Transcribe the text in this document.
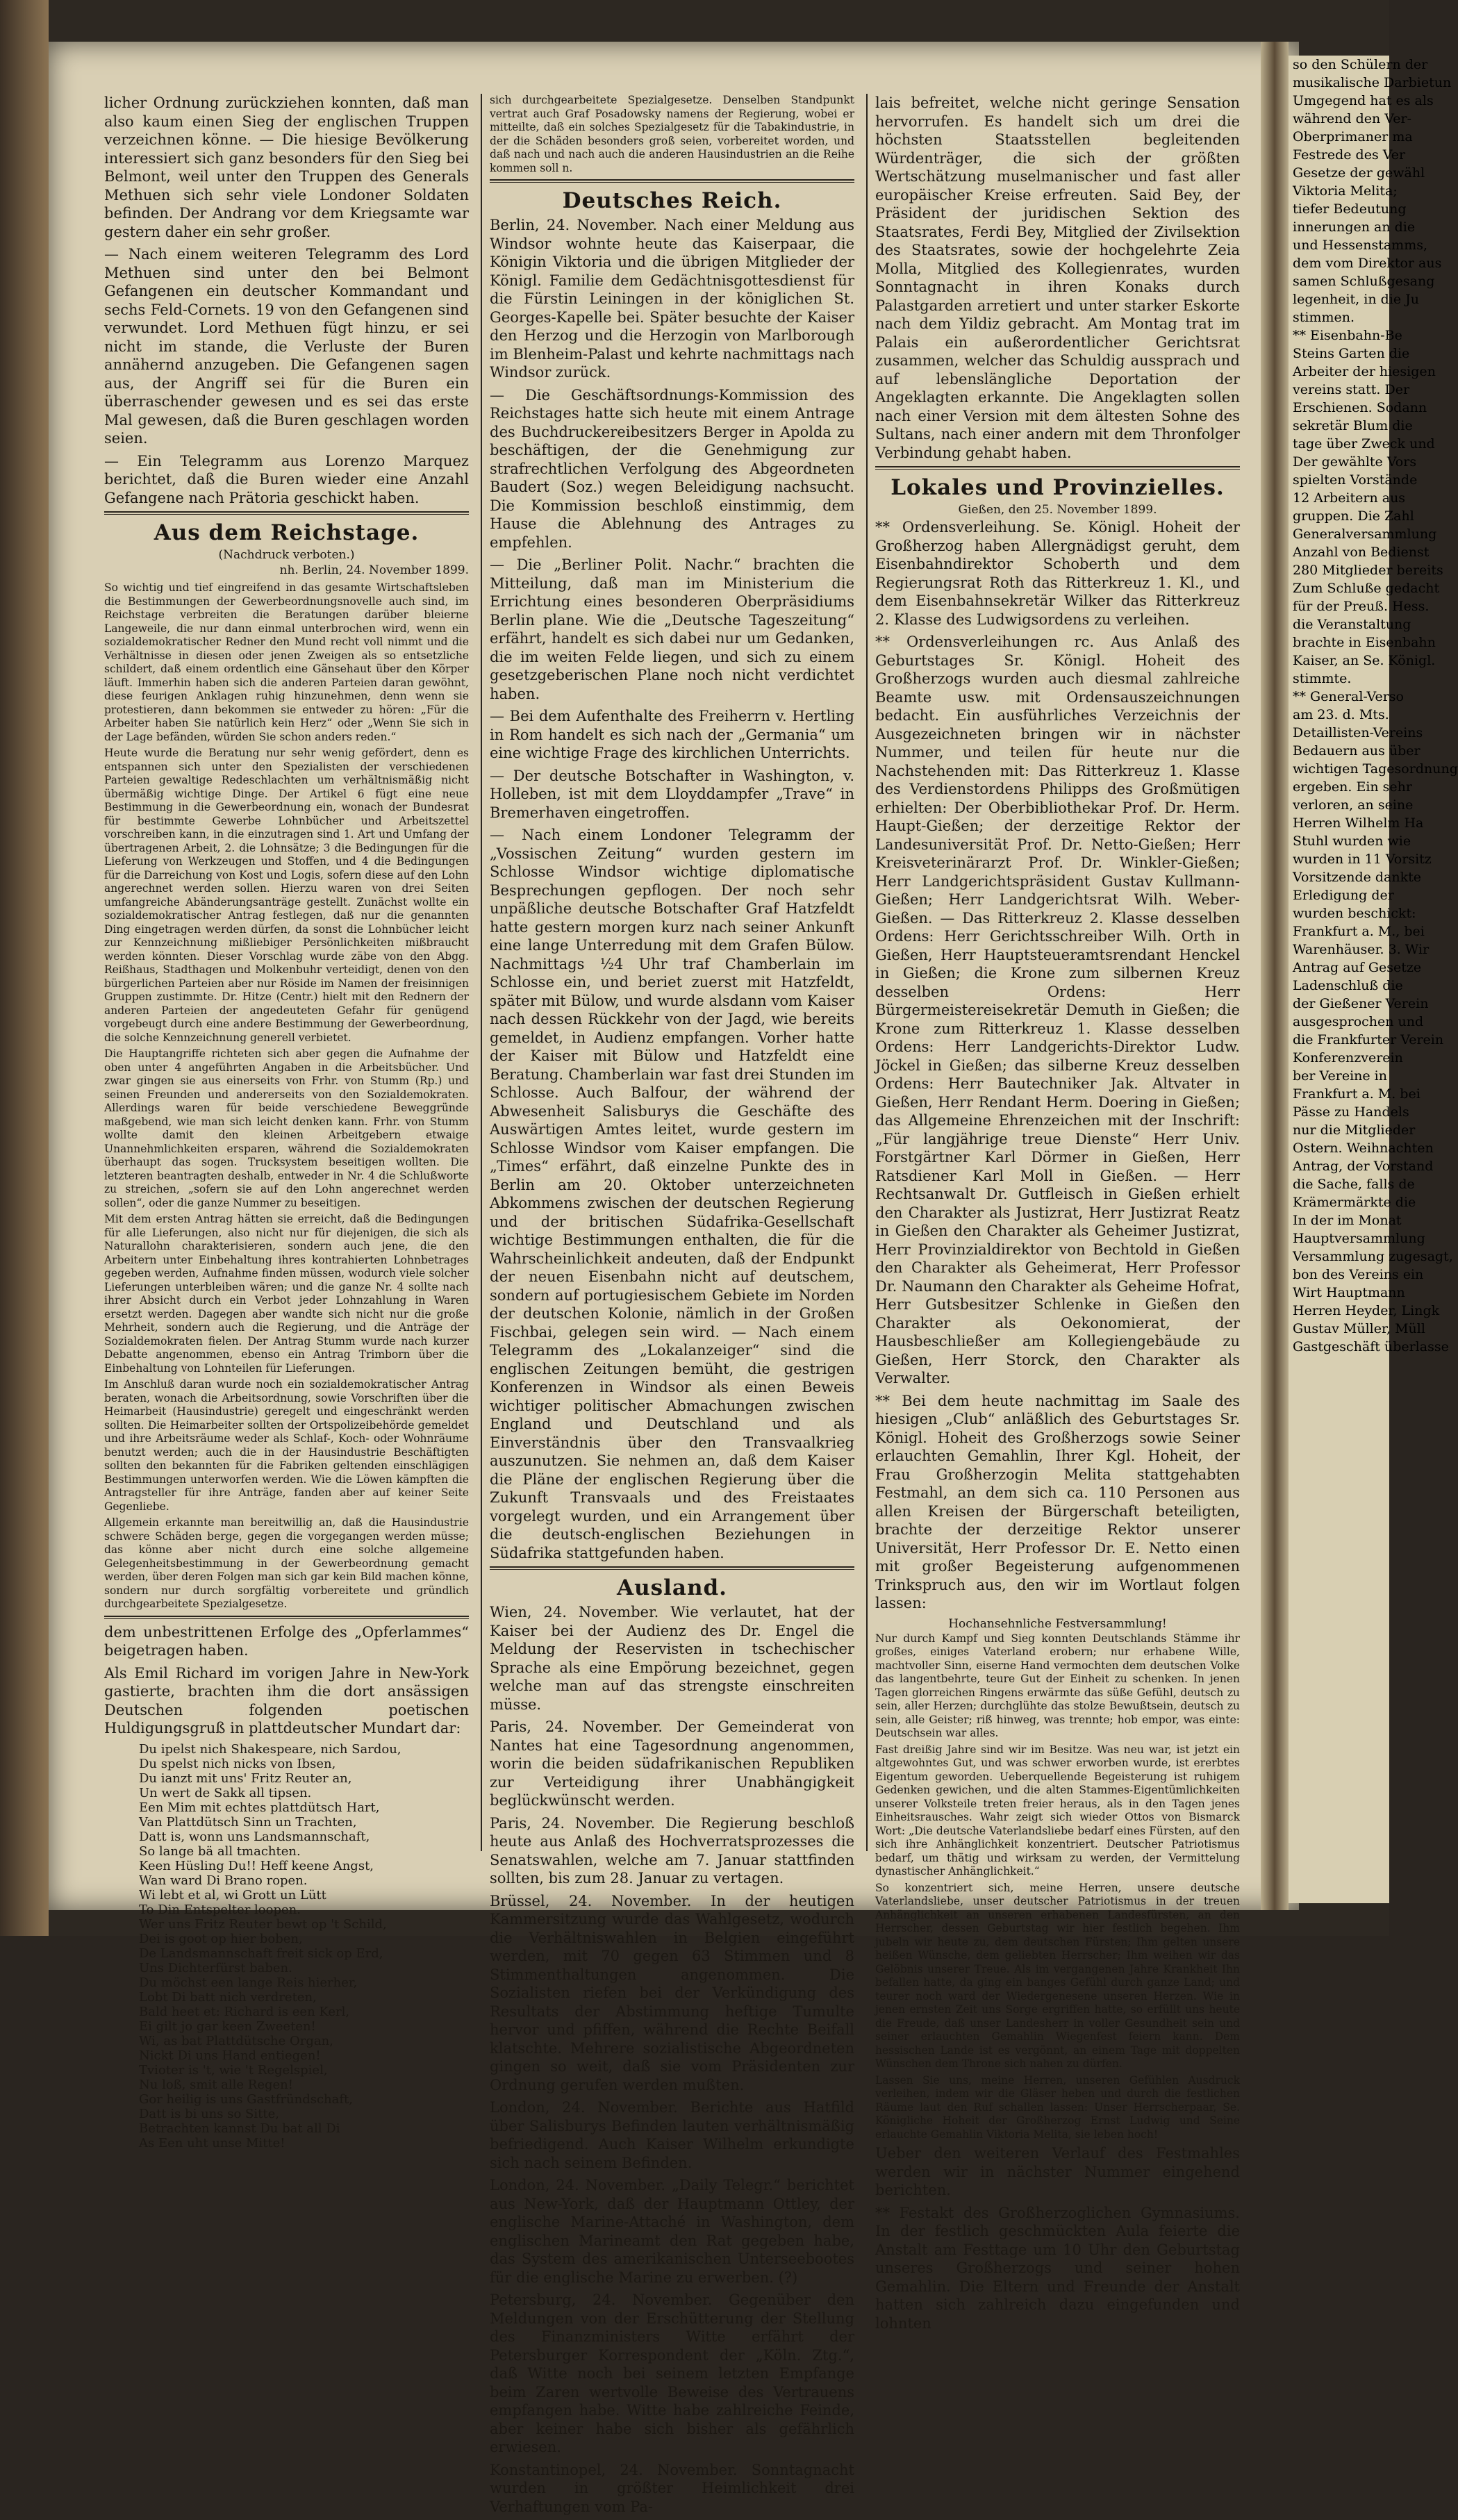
licher Ordnung zurückziehen konnten, daß man also kaum einen Sieg der englischen Truppen verzeichnen könne. — Die hiesige Bevölkerung interessiert sich ganz besonders für den Sieg bei Belmont, weil unter den Truppen des Generals Methuen sich sehr viele Londoner Soldaten befinden. Der Andrang vor dem Kriegsamte war gestern daher ein sehr großer.

— Nach einem weiteren Telegramm des Lord Methuen sind unter den bei Belmont Gefangenen ein deutscher Kommandant und sechs Feld-Cornets. 19 von den Gefangenen sind verwundet. Lord Methuen fügt hinzu, er sei nicht im stande, die Verluste der Buren annähernd anzugeben. Die Gefangenen sagen aus, der Angriff sei für die Buren ein überraschender gewesen und es sei das erste Mal gewesen, daß die Buren geschlagen worden seien.

— Ein Telegramm aus Lorenzo Marquez berichtet, daß die Buren wieder eine Anzahl Gefangene nach Prätoria geschickt haben.

Aus dem Reichstage.
(Nachdruck verboten.)
nh. Berlin, 24. November 1899.

So wichtig und tief eingreifend in das gesamte Wirtschaftsleben die Bestimmungen der Gewerbeordnungsnovelle auch sind, im Reichstage verbreiten die Beratungen darüber bleierne Langeweile, die nur dann einmal unterbrochen wird, wenn ein sozialdemokratischer Redner den Mund recht voll nimmt und die Verhältnisse in diesen oder jenen Zweigen als so entsetzliche schildert, daß einem ordentlich eine Gänsehaut über den Körper läuft. Immerhin haben sich die anderen Parteien daran gewöhnt, diese feurigen Anklagen ruhig hinzunehmen, denn wenn sie protestieren, dann bekommen sie entweder zu hören: „Für die Arbeiter haben Sie natürlich kein Herz“ oder „Wenn Sie sich in der Lage befänden, würden Sie schon anders reden.“

Heute wurde die Beratung nur sehr wenig gefördert, denn es entspannen sich unter den Spezialisten der verschiedenen Parteien gewaltige Redeschlachten um verhältnismäßig nicht übermäßig wichtige Dinge. Der Artikel 6 fügt eine neue Bestimmung in die Gewerbeordnung ein, wonach der Bundesrat für bestimmte Gewerbe Lohnbücher und Arbeitszettel vorschreiben kann, in die einzutragen sind 1. Art und Umfang der übertragenen Arbeit, 2. die Lohnsätze; 3 die Bedingungen für die Lieferung von Werkzeugen und Stoffen, und 4 die Bedingungen für die Darreichung von Kost und Logis, sofern diese auf den Lohn angerechnet werden sollen. Hierzu waren von drei Seiten umfangreiche Abänderungsanträge gestellt. Zunächst wollte ein sozialdemokratischer Antrag festlegen, daß nur die genannten Ding eingetragen werden dürfen, da sonst die Lohnbücher leicht zur Kennzeichnung mißliebiger Persönlichkeiten mißbraucht werden könnten. Dieser Vorschlag wurde zäbe von den Abgg. Reißhaus, Stadthagen und Molkenbuhr verteidigt, denen von den bürgerlichen Parteien aber nur Röside im Namen der freisinnigen Gruppen zustimmte. Dr. Hitze (Centr.) hielt mit den Rednern der anderen Parteien der angedeuteten Gefahr für genügend vorgebeugt durch eine andere Bestimmung der Gewerbeordnung, die solche Kennzeichnung generell verbietet.

Die Hauptangriffe richteten sich aber gegen die Aufnahme der oben unter 4 angeführten Angaben in die Arbeitsbücher. Und zwar gingen sie aus einerseits von Frhr. von Stumm (Rp.) und seinen Freunden und andererseits von den Sozialdemokraten. Allerdings waren für beide verschiedene Beweggründe maßgebend, wie man sich leicht denken kann. Frhr. von Stumm wollte damit den kleinen Arbeitgebern etwaige Unannehmlichkeiten ersparen, während die Sozialdemokraten überhaupt das sogen. Trucksystem beseitigen wollten. Die letzteren beantragten deshalb, entweder in Nr. 4 die Schlußworte zu streichen, „sofern sie auf den Lohn angerechnet werden sollen“, oder die ganze Nummer zu beseitigen.

Mit dem ersten Antrag hätten sie erreicht, daß die Bedingungen für alle Lieferungen, also nicht nur für diejenigen, die sich als Naturallohn charakterisieren, sondern auch jene, die den Arbeitern unter Einbehaltung ihres kontrahierten Lohnbetrages gegeben werden, Aufnahme finden müssen, wodurch viele solcher Lieferungen unterbleiben wären; und die ganze Nr. 4 sollte nach ihrer Absicht durch ein Verbot jeder Lohnzahlung in Waren ersetzt werden. Dagegen aber wandte sich nicht nur die große Mehrheit, sondern auch die Regierung, und die Anträge der Sozialdemokraten fielen. Der Antrag Stumm wurde nach kurzer Debatte angenommen, ebenso ein Antrag Trimborn über die Einbehaltung von Lohnteilen für Lieferungen.

Im Anschluß daran wurde noch ein sozialdemokratischer Antrag beraten, wonach die Arbeitsordnung, sowie Vorschriften über die Heimarbeit (Hausindustrie) geregelt und eingeschränkt werden sollten. Die Heimarbeiter sollten der Ortspolizeibehörde gemeldet und ihre Arbeitsräume weder als Schlaf-, Koch- oder Wohnräume benutzt werden; auch die in der Hausindustrie Beschäftigten sollten den bekannten für die Fabriken geltenden einschlägigen Bestimmungen unterworfen werden. Wie die Löwen kämpften die Antragsteller für ihre Anträge, fanden aber auf keiner Seite Gegenliebe.

Allgemein erkannte man bereitwillig an, daß die Hausindustrie schwere Schäden berge, gegen die vorgegangen werden müsse; das könne aber nicht durch eine solche allgemeine Gelegenheitsbestimmung in der Gewerbeordnung gemacht werden, über deren Folgen man sich gar kein Bild machen könne, sondern nur durch sorgfältig vorbereitete und gründlich durchgearbeitete Spezialgesetze.

dem unbestrittenen Erfolge des „Opferlammes“ beigetragen haben.

Als Emil Richard im vorigen Jahre in New-York gastierte, brachten ihm die dort ansässigen Deutschen folgenden poetischen Huldigungsgruß in plattdeutscher Mundart dar:

Du ipelst nich Shakespeare, nich Sardou,
Du spelst nich nicks von Ibsen,
Du ianzt mit uns' Fritz Reuter an,
Un wert de Sakk all tipsen.
Een Mim mit echtes plattdütsch Hart,
Van Plattdütsch Sinn un Trachten,
Datt is, wonn uns Landsmannschaft,
So lange bä all tmachten.
Keen Hüsling Du!! Heff keene Angst,
Wan ward Di Brano ropen.
Wi lebt et al, wi Grott un Lütt
To Din Entspelter loopen.
Wer uns Fritz Reuter bewt op 't Schild,
Dei is goot op hier boben,
De Landsmannschaft freit sick op Erd,
Uns Dichterfürst baben.
Du möchst een lange Reis hierher,
Lobt Di batt nich verdreten,
Bald heet et: Richard is een Kerl,
Ei gilt jo gar keen Zweeten!
Wi, as bat Plattdütsche Organ,
Nickt Di uns Hand entiegen!
Tvioter is 't, wie 't Regelspiel,
Nu loß, smit alle Regen!
Gor heilig is uns Gastfründschaft,
Datt is bi uns so Sitte,
Betrachten kannst Du bat all Di
As Een uht unse Mitte!

sich durchgearbeitete Spezialgesetze. Denselben Standpunkt vertrat auch Graf Posadowsky namens der Regierung, wobei er mitteilte, daß ein solches Spezialgesetz für die Tabakindustrie, in der die Schäden besonders groß seien, vorbereitet worden, und daß nach und nach auch die anderen Hausindustrien an die Reihe kommen soll n.

Deutsches Reich.

Berlin, 24. November. Nach einer Meldung aus Windsor wohnte heute das Kaiserpaar, die Königin Viktoria und die übrigen Mitglieder der Königl. Familie dem Gedächtnisgottesdienst für die Fürstin Leiningen in der königlichen St. Georges-Kapelle bei. Später besuchte der Kaiser den Herzog und die Herzogin von Marlborough im Blenheim-Palast und kehrte nachmittags nach Windsor zurück.

— Die Geschäftsordnungs-Kommission des Reichstages hatte sich heute mit einem Antrage des Buchdruckereibesitzers Berger in Apolda zu beschäftigen, der die Genehmigung zur strafrechtlichen Verfolgung des Abgeordneten Baudert (Soz.) wegen Beleidigung nachsucht. Die Kommission beschloß einstimmig, dem Hause die Ablehnung des Antrages zu empfehlen.

— Die „Berliner Polit. Nachr.“ brachten die Mitteilung, daß man im Ministerium die Errichtung eines besonderen Oberpräsidiums Berlin plane. Wie die „Deutsche Tageszeitung“ erfährt, handelt es sich dabei nur um Gedanken, die im weiten Felde liegen, und sich zu einem gesetzgeberischen Plane noch nicht verdichtet haben.

— Bei dem Aufenthalte des Freiherrn v. Hertling in Rom handelt es sich nach der „Germania“ um eine wichtige Frage des kirchlichen Unterrichts.

— Der deutsche Botschafter in Washington, v. Holleben, ist mit dem Lloyddampfer „Trave“ in Bremerhaven eingetroffen.

— Nach einem Londoner Telegramm der „Vossischen Zeitung“ wurden gestern im Schlosse Windsor wichtige diplomatische Besprechungen gepflogen. Der noch sehr unpäßliche deutsche Botschafter Graf Hatzfeldt hatte gestern morgen kurz nach seiner Ankunft eine lange Unterredung mit dem Grafen Bülow. Nachmittags ½4 Uhr traf Chamberlain im Schlosse ein, und beriet zuerst mit Hatzfeldt, später mit Bülow, und wurde alsdann vom Kaiser nach dessen Rückkehr von der Jagd, wie bereits gemeldet, in Audienz empfangen. Vorher hatte der Kaiser mit Bülow und Hatzfeldt eine Beratung. Chamberlain war fast drei Stunden im Schlosse. Auch Balfour, der während der Abwesenheit Salisburys die Geschäfte des Auswärtigen Amtes leitet, wurde gestern im Schlosse Windsor vom Kaiser empfangen. Die „Times“ erfährt, daß einzelne Punkte des in Berlin am 20. Oktober unterzeichneten Abkommens zwischen der deutschen Regierung und der britischen Südafrika-Gesellschaft wichtige Bestimmungen enthalten, die für die Wahrscheinlichkeit andeuten, daß der Endpunkt der neuen Eisenbahn nicht auf deutschem, sondern auf portugiesischem Gebiete im Norden der deutschen Kolonie, nämlich in der Großen Fischbai, gelegen sein wird. — Nach einem Telegramm des „Lokalanzeiger“ sind die englischen Zeitungen bemüht, die gestrigen Konferenzen in Windsor als einen Beweis wichtiger politischer Abmachungen zwischen England und Deutschland und als Einverständnis über den Transvaalkrieg auszunutzen. Sie nehmen an, daß dem Kaiser die Pläne der englischen Regierung über die Zukunft Transvaals und des Freistaates vorgelegt wurden, und ein Arrangement über die deutsch-englischen Beziehungen in Südafrika stattgefunden haben.

Ausland.

Wien, 24. November. Wie verlautet, hat der Kaiser bei der Audienz des Dr. Engel die Meldung der Reservisten in tschechischer Sprache als eine Empörung bezeichnet, gegen welche man auf das strengste einschreiten müsse.

Paris, 24. November. Der Gemeinderat von Nantes hat eine Tagesordnung angenommen, worin die beiden südafrikanischen Republiken zur Verteidigung ihrer Unabhängigkeit beglückwünscht werden.

Paris, 24. November. Die Regierung beschloß heute aus Anlaß des Hochverratsprozesses die Senatswahlen, welche am 7. Januar stattfinden sollten, bis zum 28. Januar zu vertagen.

Brüssel, 24. November. In der heutigen Kammersitzung wurde das Wahlgesetz, wodurch die Verhältniswahlen in Belgien eingeführt werden, mit 70 gegen 63 Stimmen und 8 Stimmenthaltungen angenommen. Die Sozialisten riefen bei der Verkündigung des Resultats der Abstimmung heftige Tumulte hervor und pfiffen, während die Rechte Beifall klatschte. Mehrere sozialistische Abgeordneten gingen so weit, daß sie vom Präsidenten zur Ordnung gerufen werden mußten.

London, 24. November. Berichte aus Hatfild über Salisburys Befinden lauten verhältnismäßig befriedigend. Auch Kaiser Wilhelm erkundigte sich nach seinem Befinden.

London, 24. November. „Daily Telegr.“ berichtet aus New-York, daß der Hauptmann Ottley, der englische Marine-Attaché in Washington, dem englischen Marineamt den Rat gegeben habe, das System des amerikanischen Unterseebootes für die englische Marine zu erwerben. (?)

Petersburg, 24. November. Gegenüber den Meldungen von der Erschütterung der Stellung des Finanzministers Witte erfährt der Petersburger Korrespondent der „Köln. Ztg.“, daß Witte noch bei seinem letzten Empfange beim Zaren wertvolle Beweise des Vertrauens empfangen habe. Witte habe zahlreiche Feinde, aber keiner habe sich bisher als gefährlich erwiesen.

Konstantinopel, 24. November. Sonntagnacht wurden in größter Heimlichkeit drei Verhaftungen vom Pa-

lais befreitet, welche nicht geringe Sensation hervorrufen. Es handelt sich um drei die höchsten Staatsstellen begleitenden Würdenträger, die sich der größten Wertschätzung muselmanischer und fast aller europäischer Kreise erfreuten. Said Bey, der Präsident der juridischen Sektion des Staatsrates, Ferdi Bey, Mitglied der Zivilsektion des Staatsrates, sowie der hochgelehrte Zeia Molla, Mitglied des Kollegienrates, wurden Sonntagnacht in ihren Konaks durch Palastgarden arretiert und unter starker Eskorte nach dem Yildiz gebracht. Am Montag trat im Palais ein außerordentlicher Gerichtsrat zusammen, welcher das Schuldig aussprach und auf lebenslängliche Deportation der Angeklagten erkannte. Die Angeklagten sollen nach einer Version mit dem ältesten Sohne des Sultans, nach einer andern mit dem Thronfolger Verbindung gehabt haben.

Lokales und Provinzielles.
Gießen, den 25. November 1899.

** Ordensverleihung. Se. Königl. Hoheit der Großherzog haben Allergnädigst geruht, dem Eisenbahndirektor Schoberth und dem Regierungsrat Roth das Ritterkreuz 1. Kl., und dem Eisenbahnsekretär Wilker das Ritterkreuz 2. Klasse des Ludwigsordens zu verleihen.

** Ordensverleihungen rc. Aus Anlaß des Geburtstages Sr. Königl. Hoheit des Großherzogs wurden auch diesmal zahlreiche Beamte usw. mit Ordensauszeichnungen bedacht. Ein ausführliches Verzeichnis der Ausgezeichneten bringen wir in nächster Nummer, und teilen für heute nur die Nachstehenden mit: Das Ritterkreuz 1. Klasse des Verdienstordens Philipps des Großmütigen erhielten: Der Oberbibliothekar Prof. Dr. Herm. Haupt-Gießen; der derzeitige Rektor der Landesuniversität Prof. Dr. Netto-Gießen; Herr Kreisveterinärarzt Prof. Dr. Winkler-Gießen; Herr Landgerichtspräsident Gustav Kullmann-Gießen; Herr Landgerichtsrat Wilh. Weber-Gießen. — Das Ritterkreuz 2. Klasse desselben Ordens: Herr Gerichtsschreiber Wilh. Orth in Gießen, Herr Hauptsteueramtsrendant Henckel in Gießen; die Krone zum silbernen Kreuz desselben Ordens: Herr Bürgermeistereisekretär Demuth in Gießen; die Krone zum Ritterkreuz 1. Klasse desselben Ordens: Herr Landgerichts-Direktor Ludw. Jöckel in Gießen; das silberne Kreuz desselben Ordens: Herr Bautechniker Jak. Altvater in Gießen, Herr Rendant Herm. Doering in Gießen; das Allgemeine Ehrenzeichen mit der Inschrift: „Für langjährige treue Dienste“ Herr Univ. Forstgärtner Karl Dörmer in Gießen, Herr Ratsdiener Karl Moll in Gießen. — Herr Rechtsanwalt Dr. Gutfleisch in Gießen erhielt den Charakter als Justizrat, Herr Justizrat Reatz in Gießen den Charakter als Geheimer Justizrat, Herr Provinzialdirektor von Bechtold in Gießen den Charakter als Geheimerat, Herr Professor Dr. Naumann den Charakter als Geheime Hofrat, Herr Gutsbesitzer Schlenke in Gießen den Charakter als Oekonomierat, der Hausbeschließer am Kollegiengebäude zu Gießen, Herr Storck, den Charakter als Verwalter.

** Bei dem heute nachmittag im Saale des hiesigen „Club“ anläßlich des Geburtstages Sr. Königl. Hoheit des Großherzogs sowie Seiner erlauchten Gemahlin, Ihrer Kgl. Hoheit, der Frau Großherzogin Melita stattgehabten Festmahl, an dem sich ca. 110 Personen aus allen Kreisen der Bürgerschaft beteiligten, brachte der derzeitige Rektor unserer Universität, Herr Professor Dr. E. Netto einen mit großer Begeisterung aufgenommenen Trinkspruch aus, den wir im Wortlaut folgen lassen:

Hochansehnliche Festversammlung!

Nur durch Kampf und Sieg konnten Deutschlands Stämme ihr großes, einiges Vaterland erobern; nur erhabene Wille, machtvoller Sinn, eiserne Hand vermochten dem deutschen Volke das langentbehrte, teure Gut der Einheit zu schenken. In jenen Tagen glorreichen Ringens erwärmte das süße Gefühl, deutsch zu sein, aller Herzen; durchglühte das stolze Bewußtsein, deutsch zu sein, alle Geister; riß hinweg, was trennte; hob empor, was einte: Deutschsein war alles.

Fast dreißig Jahre sind wir im Besitze. Was neu war, ist jetzt ein altgewohntes Gut, und was schwer erworben wurde, ist ererbtes Eigentum geworden. Ueberquellende Begeisterung ist ruhigem Gedenken gewichen, und die alten Stammes-Eigentümlichkeiten unserer Volksteile treten freier heraus, als in den Tagen jenes Einheitsrausches. Wahr zeigt sich wieder Ottos von Bismarck Wort: „Die deutsche Vaterlandsliebe bedarf eines Fürsten, auf den sich ihre Anhänglichkeit konzentriert. Deutscher Patriotismus bedarf, um thätig und wirksam zu werden, der Vermittelung dynastischer Anhänglichkeit.“

So konzentriert sich, meine Herren, unsere deutsche Vaterlandsliebe, unser deutscher Patriotismus in der treuen Anhänglichkeit an unseren erhabenen Landesfürsten, an den Herrscher, dessen Geburtstag wir hier festlich begehen. Ihm jubeln wir heute zu, dem deutschen Fürsten; Ihm gelten unsere heißen Wünsche, dem geliebten Herrscher; Ihm weihen wir das Gelöbnis unserer Treue. Als im vergangenen Jahre Krankheit Ihn befallen hatte, da ging ein banges Gefühl durch ganze Land; und teurer noch ward der Wiedergenesene unseren Herzen. Wie in jenen ernsten Zeit uns Sorge ergriffen hatte, so erfüllt uns heute die Freude, daß unser Landesherr in voller Gesundheit sein und seiner erlauchten Gemahlin Wiegenfest feiern kann. Dem hessischen Lande ist es vergönnt, an einem Tage mit doppelten Wünschen dem Throne sich nahen zu dürfen.

Lassen Sie uns, meine Herren, unseren Gefühlen Ausdruck verleihen, indem wir die Gläser heben und durch die festlichen Räume laut den Ruf schallen lassen: Unser Herrscherpaar, Se. Königliche Hoheit der Großherzog Ernst Ludwig und Seine erlauchte Gemahlin Viktoria Melita, sie leben hoch!

Ueber den weiteren Verlauf des Festmahles werden wir in nächster Nummer eingehend berichten.

** Festakt des Großherzoglichen Gymnasiums. In der festlich geschmückten Aula feierte die Anstalt am Festtage um 10 Uhr den Geburtstag unseres Großherzogs und seiner hohen Gemahlin. Die Eltern und Freunde der Anstalt hatten sich zahlreich dazu eingefunden und lohnten

so den Schülern der
musikalische Darbietun
Umgegend hat es als
während den Ver-
Oberprimaner ma
Festrede des Ver
Gesetze der gewähl
Viktoria Melita;
tiefer Bedeutung
innerungen an die
und Hessenstamms,
dem vom Direktor aus
samen Schlußgesang
legenheit, in die Ju
stimmen.
** Eisenbahn-Be
Steins Garten die
Arbeiter der hiesigen
vereins statt. Der
Erschienen. Sodann
sekretär Blum die
tage über Zweck und
Der gewählte Vors
spielten Vorstände
12 Arbeitern aus
gruppen. Die Zahl
Generalversammlung
Anzahl von Bedienst
280 Mitglieder bereits
Zum Schluße gedacht
für der Preuß. Hess.
die Veranstaltung
brachte in Eisenbahn
Kaiser, an Se. Königl.
stimmte.
** General-Verso
am 23. d. Mts.
Detaillisten-Vereins
Bedauern aus über
wichtigen Tagesordnung
ergeben. Ein sehr
verloren, an seine
Herren Wilhelm Ha
Stuhl wurden wie
wurden in 11 Vorsitz
Vorsitzende dankte
Erledigung der
wurden beschickt:
Frankfurt a. M., bei
Warenhäuser. 3. Wir
Antrag auf Gesetze
Ladenschluß die
der Gießener Verein
ausgesprochen und
die Frankfurter Verein
Konferenzverein
ber Vereine in
Frankfurt a. M. bei
Pässe zu Handels
nur die Mitglieder
Ostern. Weihnachten
Antrag, der Vorstand
die Sache, falls de
Krämermärkte die
In der im Monat
Hauptversammlung
Versammlung zugesagt,
bon des Vereins ein
Wirt Hauptmann
Herren Heyder, Lingk
Gustav Müller, Müll
Gastgeschäft überlasse
